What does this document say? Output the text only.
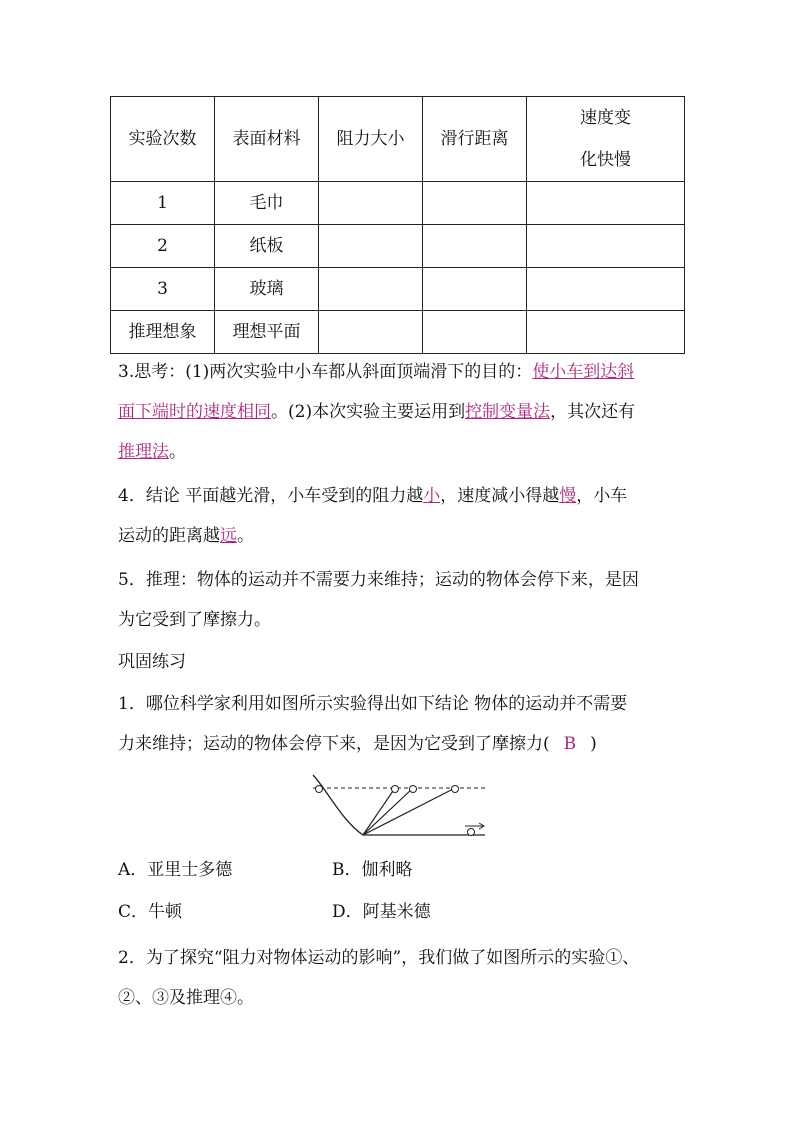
实验次数	表面材料	阻力大小	滑行距离	速度变
化快慢

1	毛巾			
2	纸板			
3	玻璃			
推理想象	理想平面			
3.思考：(1)两次实验中小车都从斜面顶端滑下的目的：使小车到达斜
面下端时的速度相同。(2)本次实验主要运用到控制变量法，其次还有
推理法。
4．结论 平面越光滑，小车受到的阻力越小，速度减小得越慢，小车
运动的距离越远。
5．推理：物体的运动并不需要力来维持；运动的物体会停下来，是因
为它受到了摩擦力。
巩固练习
1．哪位科学家利用如图所示实验得出如下结论 物体的运动并不需要
力来维持；运动的物体会停下来，是因为它受到了摩擦力( B )
A．亚里士多德	B．伽利略
C．牛顿	D．阿基米德
2．为了探究“阻力对物体运动的影响”，我们做了如图所示的实验①、
②、③及推理④。
